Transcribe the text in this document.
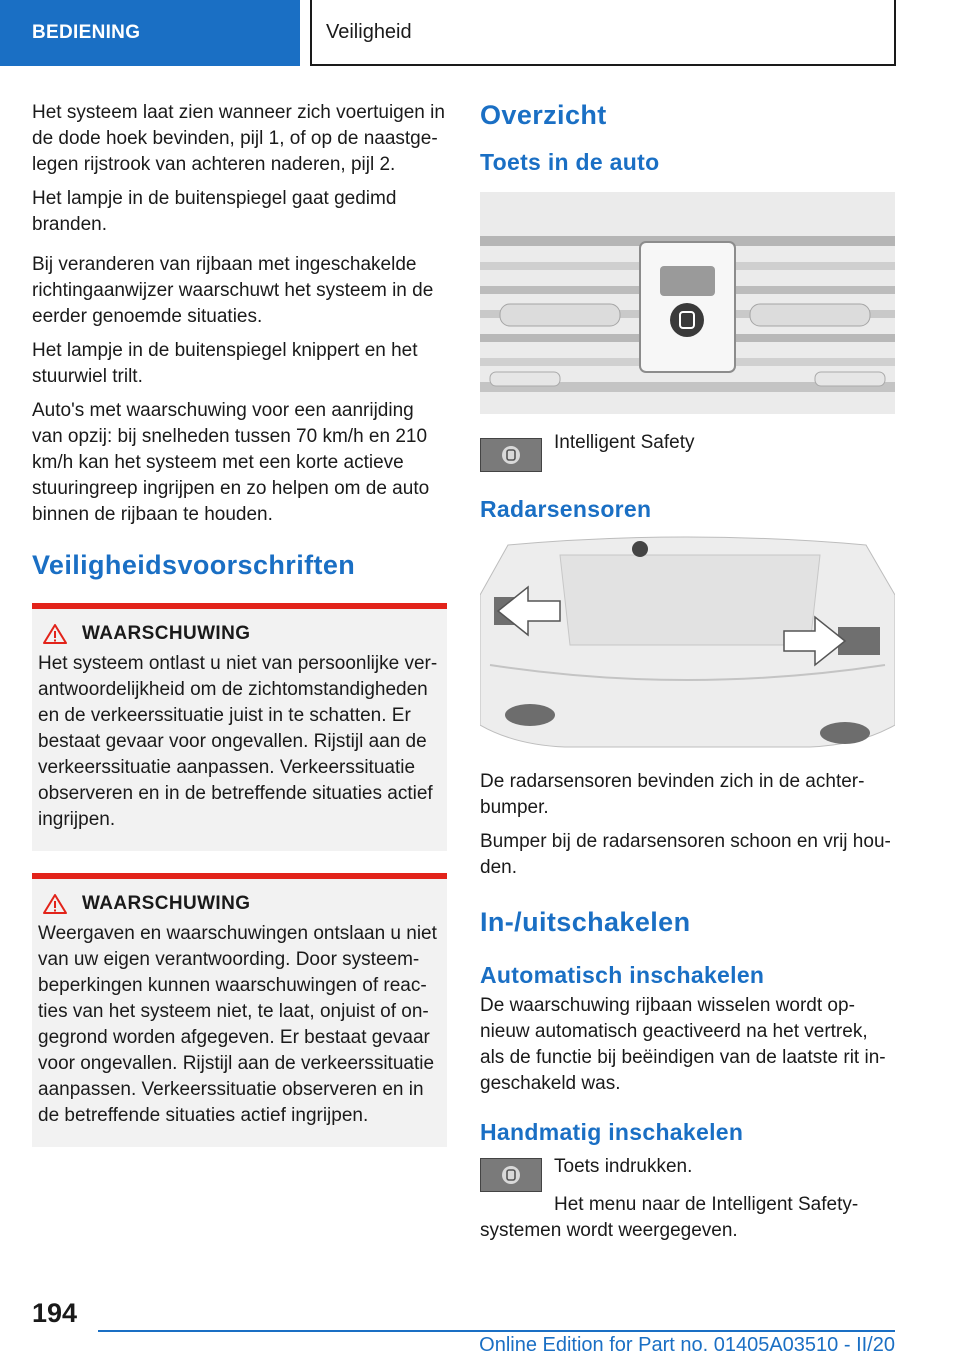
BEDIENING	Veiligheid

Het systeem laat zien wanneer zich voertuigen in de dode hoek bevinden, pijl 1, of op de naastge-legen rijstrook van achteren naderen, pijl 2.

Het lampje in de buitenspiegel gaat gedimd branden.

Bij veranderen van rijbaan met ingeschakelde richtingaanwijzer waarschuwt het systeem in de eerder genoemde situaties.

Het lampje in de buitenspiegel knippert en het stuurwiel trilt.

Auto's met waarschuwing voor een aanrijding van opzij: bij snelheden tussen 70 km/h en 210 km/h kan het systeem met een korte actieve stuuringreep ingrijpen en zo helpen om de auto binnen de rijbaan te houden.

Veiligheidsvoorschriften
WAARSCHUWING

Het systeem ontlast u niet van persoonlijke ver-antwoordelijkheid om de zichtomstandigheden en de verkeerssituatie juist in te schatten. Er bestaat gevaar voor ongevallen. Rijstijl aan de verkeerssituatie aanpassen. Verkeerssituatie observeren en in de betreffende situaties actief ingrijpen.

WAARSCHUWING

Weergaven en waarschuwingen ontslaan u niet van uw eigen verantwoording. Door systeem-beperkingen kunnen waarschuwingen of reac-ties van het systeem niet, te laat, onjuist of on-gegrond worden afgegeven. Er bestaat gevaar voor ongevallen. Rijstijl aan de verkeerssituatie aanpassen. Verkeerssituatie observeren en in de betreffende situaties actief ingrijpen.

Overzicht
Toets in de auto

Intelligent Safety

Radarsensoren

De radarsensoren bevinden zich in de achter-bumper.

Bumper bij de radarsensoren schoon en vrij hou-den.

In-/uitschakelen
Automatisch inschakelen

De waarschuwing rijbaan wisselen wordt op-nieuw automatisch geactiveerd na het vertrek, als de functie bij beëindigen van de laatste rit in-geschakeld was.

Handmatig inschakelen

Toets indrukken.

Het menu naar de Intelligent Safety-systemen wordt weergegeven.

194
Online Edition for Part no. 01405A03510 - II/20
